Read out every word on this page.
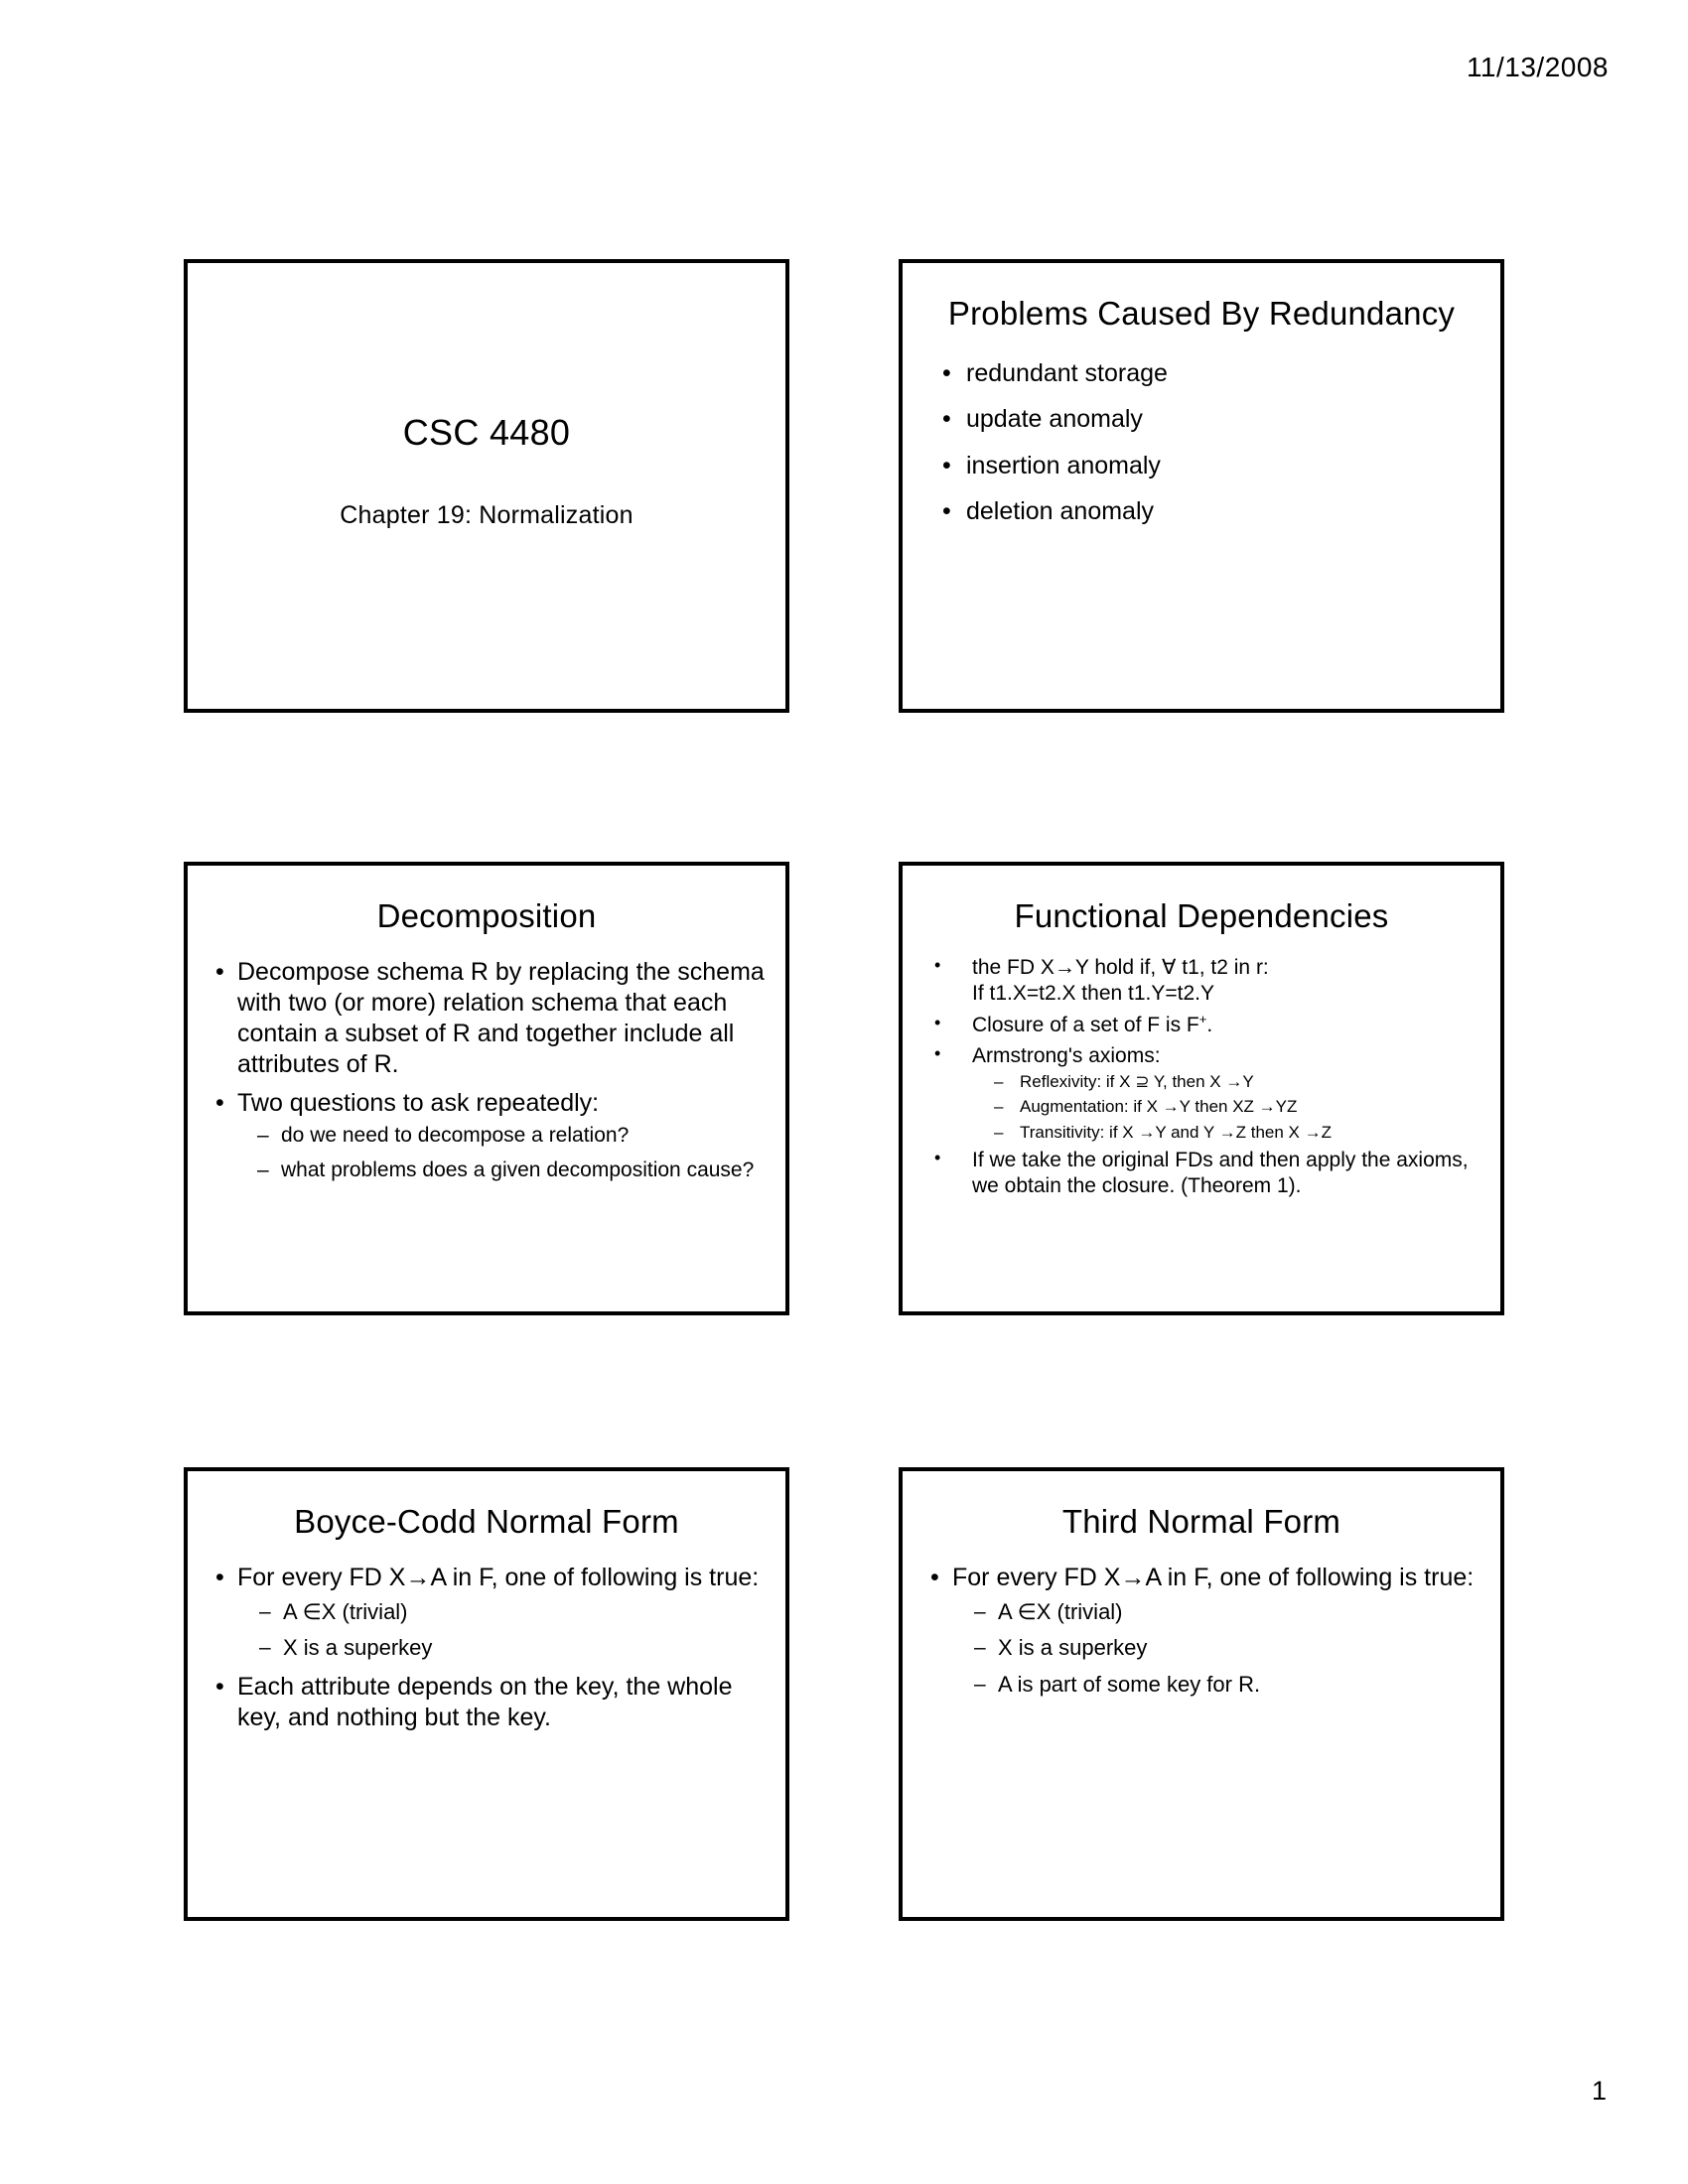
11/13/2008
CSC 4480
Chapter 19: Normalization
Problems Caused By Redundancy
• redundant storage
• update anomaly
• insertion anomaly
• deletion anomaly
Decomposition
• Decompose schema R by replacing the schema with two (or more) relation schema that each contain a subset of R and together include all attributes of R.
• Two questions to ask repeatedly:
– do we need to decompose a relation?
– what problems does a given decomposition cause?
Functional Dependencies
• the FD X→Y hold if, ∀ t1, t2 in r:
If t1.X=t2.X then t1.Y=t2.Y
• Closure of a set of F is F+.
• Armstrong's axioms:
– Reflexivity: if X ⊇ Y, then X →Y
– Augmentation: if X →Y then XZ →YZ
– Transitivity: if X →Y and Y →Z then X →Z
• If we take the original FDs and then apply the axioms, we obtain the closure. (Theorem 1).
Boyce-Codd Normal Form
• For every FD X→A in F, one of following is true:
– A ∈X (trivial)
– X is a superkey
• Each attribute depends on the key, the whole key, and nothing but the key.
Third Normal Form
• For every FD X→A in F, one of following is true:
– A ∈X (trivial)
– X is a superkey
– A is part of some key for R.
1
